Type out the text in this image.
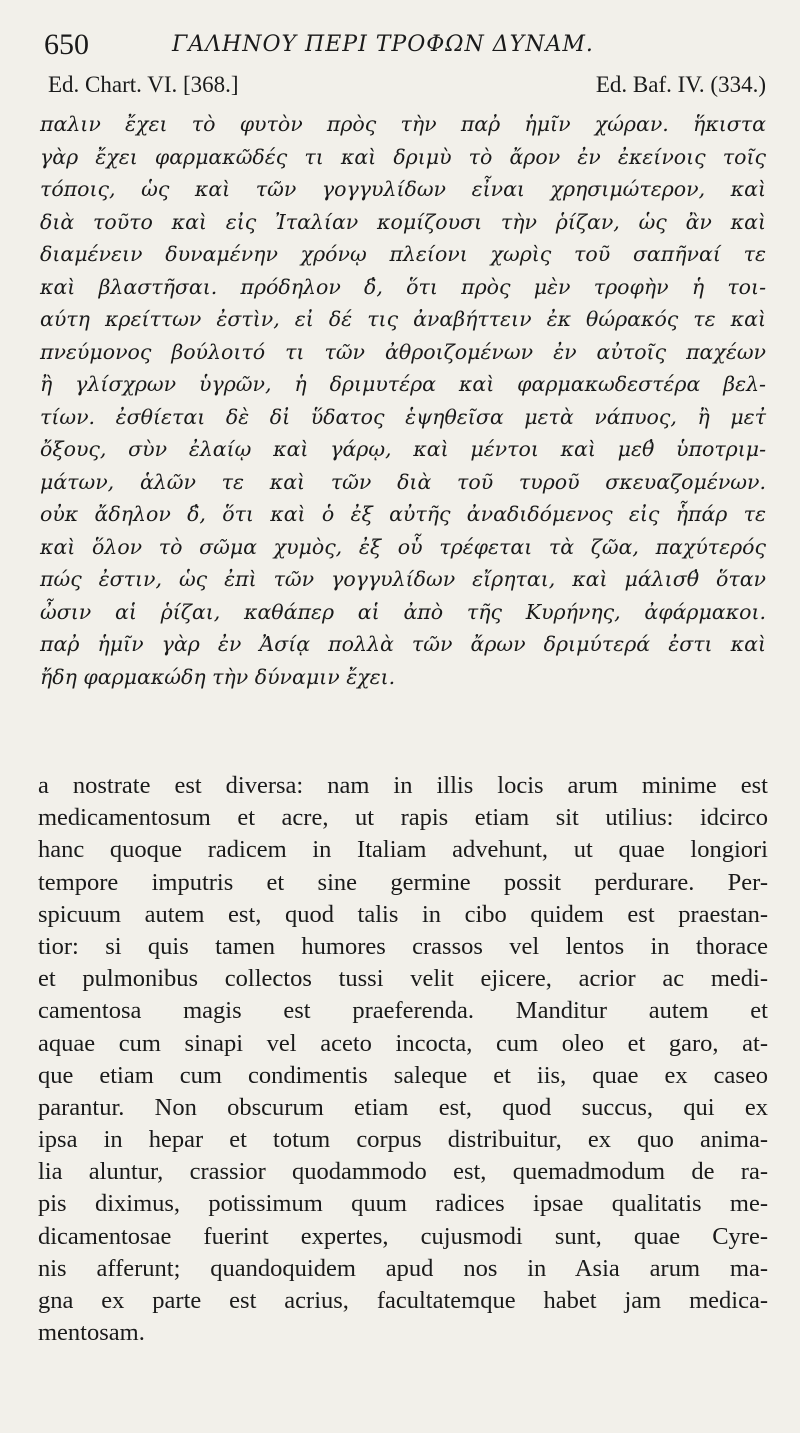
650	ΓΑΛΗΝΟΥ ΠΕΡΙ ΤΡΟΦΩΝ ΔΥΝΑΜ.
Ed. Chart. VI. [368.]	Ed. Baf. IV. (334.)
παλιν ἔχει τὸ φυτὸν πρὸς τὴν παῤ ἡμῖν χώραν. ἥκιστα
γὰρ ἔχει φαρμακῶδές τι καὶ δριμὺ τὸ ἄρον ἐν ἐκείνοις τοῖς
τόποις, ὡς καὶ τῶν γογγυλίδων εἶναι χρησιμώτερον, καὶ
διὰ τοῦτο καὶ εἰς Ἰταλίαν κομίζουσι τὴν ῥίζαν, ὡς ἂν καὶ
διαμένειν δυναμένην χρόνῳ πλείονι χωρὶς τοῦ σαπῆναί τε
καὶ βλαστῆσαι. πρόδηλον δ̓, ὅτι πρὸς μὲν τροφὴν ἡ τοι-
αύτη κρείττων ἐστὶν, εἰ δέ τις ἀναβήττειν ἐκ θώρακός τε καὶ
πνεύμονος βούλοιτό τι τῶν ἀθροιζομένων ἐν αὐτοῖς παχέων
ἢ γλίσχρων ὑγρῶν, ἡ δριμυτέρα καὶ φαρμακωδεστέρα βελ-
τίων. ἐσθίεται δὲ δἰ ὕδατος ἑψηθεῖσα μετὰ νάπυος, ἢ μετ̓
ὄξους, σὺν ἐλαίῳ καὶ γάρῳ, καὶ μέντοι καὶ μεθ̓ ὑποτριμ-
μάτων, ἁλῶν τε καὶ τῶν διὰ τοῦ τυροῦ σκευαζομένων.
οὐκ ἄδηλον δ̓, ὅτι καὶ ὁ ἐξ αὐτῆς ἀναδιδόμενος εἰς ἧπάρ τε
καὶ ὅλον τὸ σῶμα χυμὸς, ἐξ οὗ τρέφεται τὰ ζῶα, παχύτερός
πώς ἐστιν, ὡς ἐπὶ τῶν γογγυλίδων εἴρηται, καὶ μάλισθ̓ ὅταν
ὦσιν αἱ ῥίζαι, καθάπερ αἱ ἀπὸ τῆς Κυρήνης, ἀφάρμακοι.
παῤ ἡμῖν γὰρ ἐν Ἀσίᾳ πολλὰ τῶν ἄρων δριμύτερά ἐστι καὶ
ἤδη φαρμακώδη τὴν δύναμιν ἔχει.
a nostrate est diversa: nam in illis locis arum minime est
medicamentosum et acre, ut rapis etiam sit utilius: idcirco
hanc quoque radicem in Italiam advehunt, ut quae longiori
tempore imputris et sine germine possit perdurare. Per-
spicuum autem est, quod talis in cibo quidem est praestan-
tior: si quis tamen humores crassos vel lentos in thorace
et pulmonibus collectos tussi velit ejicere, acrior ac medi-
camentosa magis est praeferenda. Manditur autem et
aquae cum sinapi vel aceto incocta, cum oleo et garo, at-
que etiam cum condimentis saleque et iis, quae ex caseo
parantur. Non obscurum etiam est, quod succus, qui ex
ipsa in hepar et totum corpus distribuitur, ex quo anima-
lia aluntur, crassior quodammodo est, quemadmodum de ra-
pis diximus, potissimum quum radices ipsae qualitatis me-
dicamentosae fuerint expertes, cujusmodi sunt, quae Cyre-
nis afferunt; quandoquidem apud nos in Asia arum ma-
gna ex parte est acrius, facultatemque habet jam medica-
mentosam.
